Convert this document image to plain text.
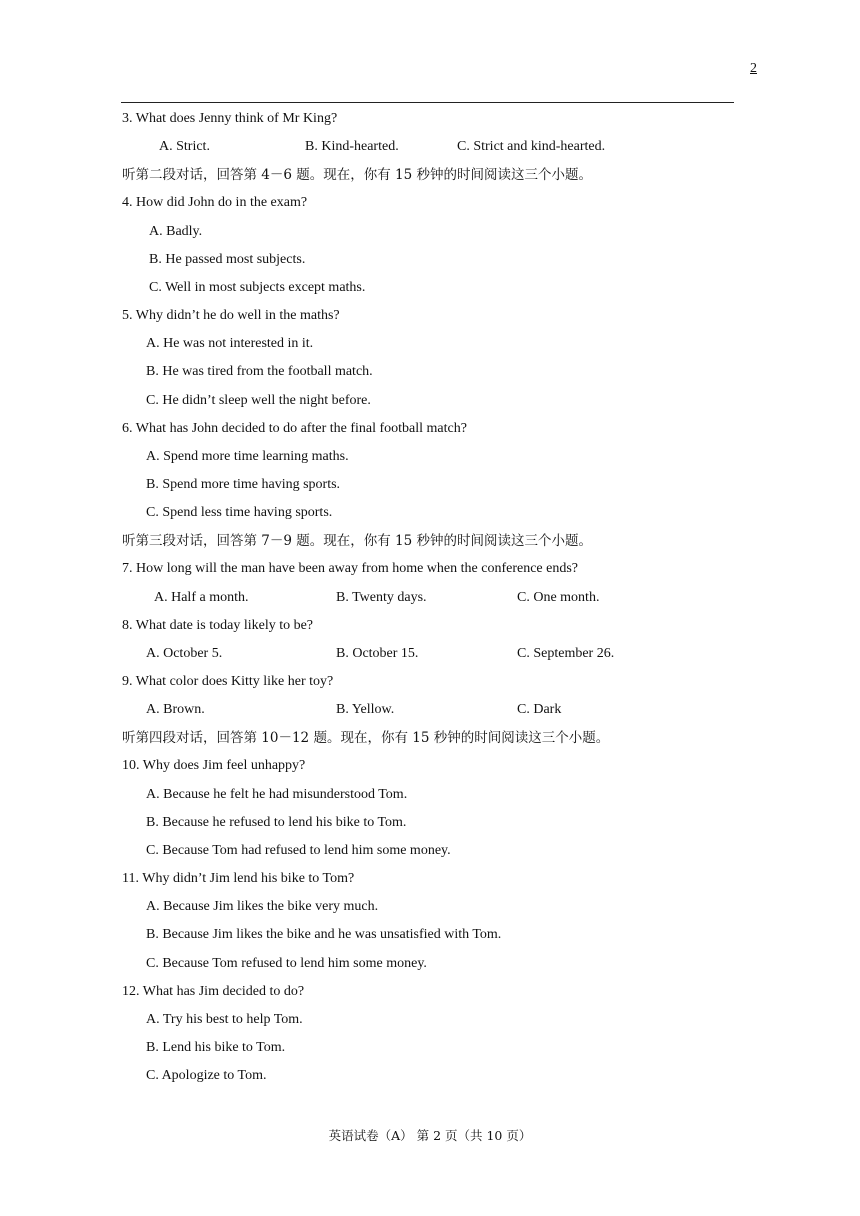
2
3. What does Jenny think of Mr King?
A. Strict.	B. Kind-hearted.	C. Strict and kind-hearted.
听第二段对话，回答第 4－6 题。现在，你有 15 秒钟的时间阅读这三个小题。
4. How did John do in the exam?
A. Badly.
B. He passed most subjects.
C. Well in most subjects except maths.
5. Why didn’t he do well in the maths?
A. He was not interested in it.
B. He was tired from the football match.
C. He didn’t sleep well the night before.
6. What has John decided to do after the final football match?
A. Spend more time learning maths.
B. Spend more time having sports.
C. Spend less time having sports.
听第三段对话，回答第 7－9 题。现在，你有 15 秒钟的时间阅读这三个小题。
7. How long will the man have been away from home when the conference ends?
A. Half a month.	B. Twenty days.	C. One month.
8. What date is today likely to be?
A. October 5.	B. October 15.	C. September 26.
9. What color does Kitty like her toy?
A. Brown.	B. Yellow.	C. Dark
听第四段对话，回答第 10－12 题。现在，你有 15 秒钟的时间阅读这三个小题。
10. Why does Jim feel unhappy?
A. Because he felt he had misunderstood Tom.
B. Because he refused to lend his bike to Tom.
C. Because Tom had refused to lend him some money.
11. Why didn’t Jim lend his bike to Tom?
A. Because Jim likes the bike very much.
B. Because Jim likes the bike and he was unsatisfied with Tom.
C. Because Tom refused to lend him some money.
12. What has Jim decided to do?
A. Try his best to help Tom.
B. Lend his bike to Tom.
C. Apologize to Tom.
英语试卷（A） 第 2 页（共 10 页）
